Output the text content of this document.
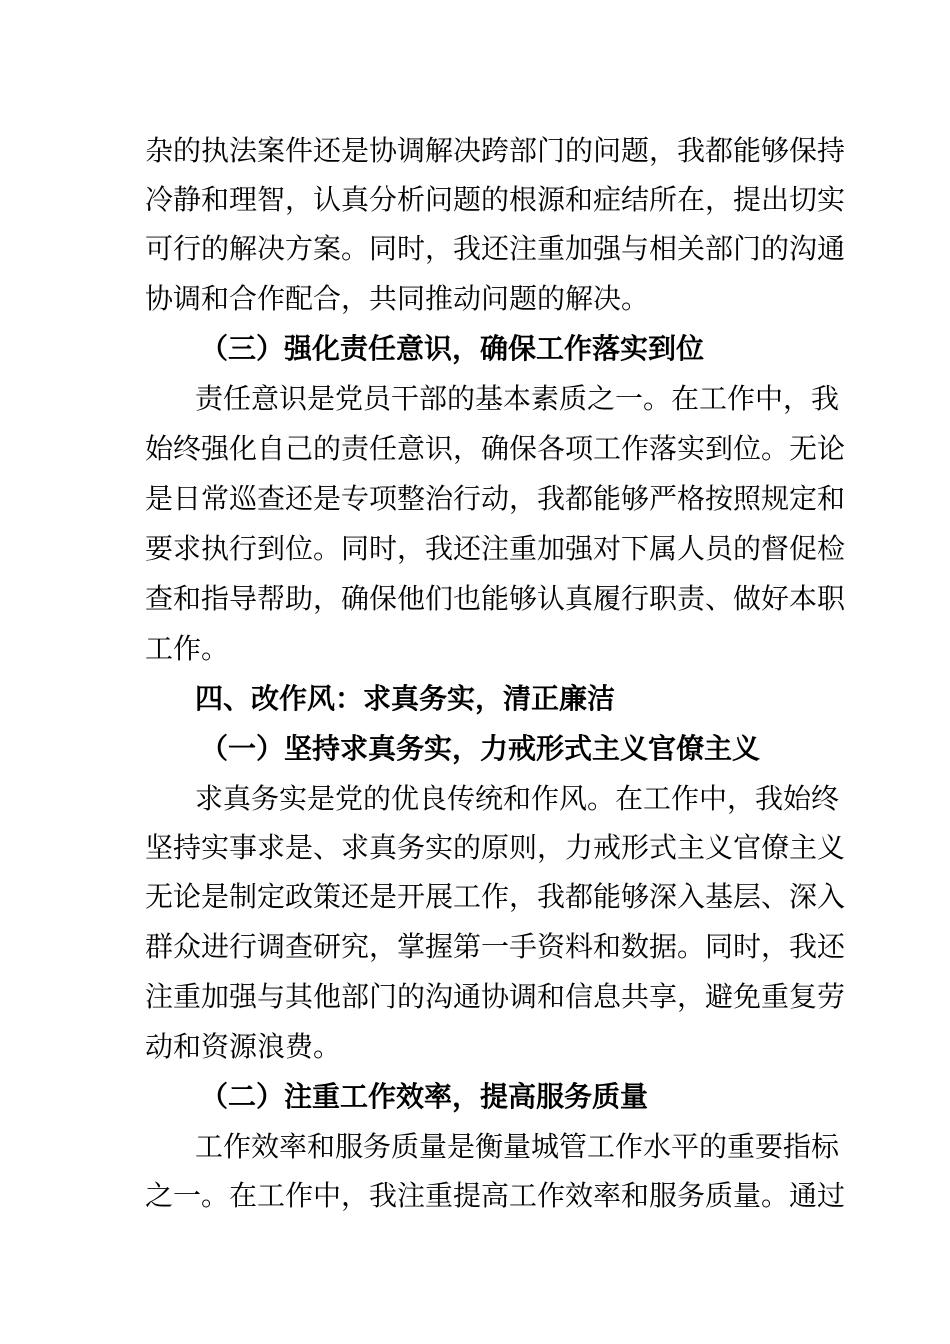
杂的执法案件还是协调解决跨部门的问题，我都能够保持
冷静和理智，认真分析问题的根源和症结所在，提出切实
可行的解决方案。同时，我还注重加强与相关部门的沟通
协调和合作配合，共同推动问题的解决。
（三）强化责任意识，确保工作落实到位
责任意识是党员干部的基本素质之一。在工作中，我
始终强化自己的责任意识，确保各项工作落实到位。无论
是日常巡查还是专项整治行动，我都能够严格按照规定和
要求执行到位。同时，我还注重加强对下属人员的督促检
查和指导帮助，确保他们也能够认真履行职责、做好本职
工作。
四、改作风：求真务实，清正廉洁
（一）坚持求真务实，力戒形式主义官僚主义
求真务实是党的优良传统和作风。在工作中，我始终
坚持实事求是、求真务实的原则，力戒形式主义官僚主义
无论是制定政策还是开展工作，我都能够深入基层、深入
群众进行调查研究，掌握第一手资料和数据。同时，我还
注重加强与其他部门的沟通协调和信息共享，避免重复劳
动和资源浪费。
（二）注重工作效率，提高服务质量
工作效率和服务质量是衡量城管工作水平的重要指标
之一。在工作中，我注重提高工作效率和服务质量。通过
